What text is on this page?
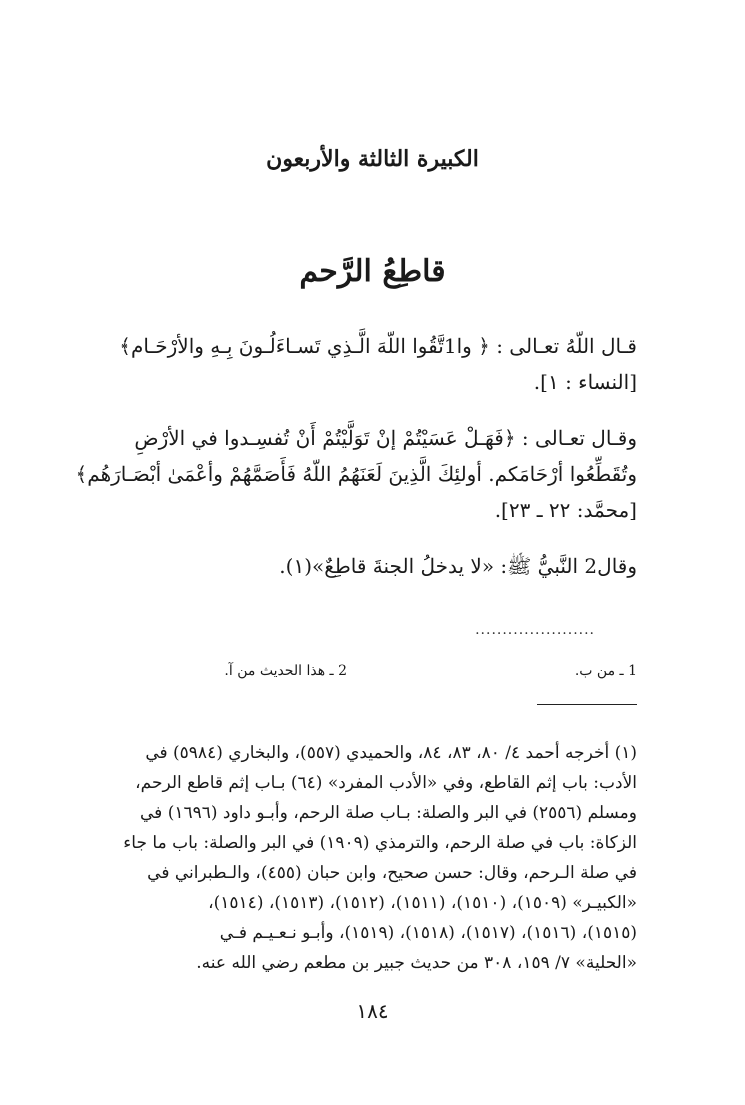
الكبيرة الثالثة والأربعون
قاطِعُ الرَّحم
قـال اللّهُ تعـالى : ﴿ وا1تَّقُوا اللّهَ الَّـذِي تَسـاءَلُـونَ بِـهِ والأرْحَـام﴾
[النساء : ١].
وقـال تعـالى : ﴿فَهَـلْ عَسَيْتُمْ إنْ تَوَلَّيْتُمْ أَنْ تُفسِـدوا في الأرْضِ
وتُقَطِّعُوا أرْحَامَكم. أولئِكَ الَّذِينَ لَعَنَهُمُ اللّهُ فَأَصَمَّهُمْ وأعْمَىٰ أبْصَـارَهُم﴾
[محمَّد: ٢٢ ـ ٢٣].
وقال2 النَّبيُّ ﷺ: «لا يدخلُ الجنةَ قاطِعٌ»(١).
......................
1 ـ من ب.
2 ـ هذا الحديث من آ.
(١) أخرجه أحمد ٤/ ٨٠، ٨٣، ٨٤، والحميدي (٥٥٧)، والبخاري (٥٩٨٤) في
الأدب: باب إثم القاطع، وفي «الأدب المفرد» (٦٤) بـاب إثم قاطع الرحم،
ومسلم (٢٥٥٦) في البر والصلة: بـاب صلة الرحم، وأبـو داود (١٦٩٦) في
الزكاة: باب في صلة الرحم، والترمذي (١٩٠٩) في البر والصلة: باب ما جاء
في صلة الـرحم، وقال: حسن صحيح، وابن حبان (٤٥٥)، والـطبراني في
«الكبيـر» (١٥٠٩)، (١٥١٠)، (١٥١١)، (١٥١٢)، (١٥١٣)، (١٥١٤)،
(١٥١٥)، (١٥١٦)، (١٥١٧)، (١٥١٨)، (١٥١٩)، وأبـو نـعـيـم فـي
«الحلية» ٧/ ١٥٩، ٣٠٨ من حديث جبير بن مطعم رضي الله عنه.
١٨٤
